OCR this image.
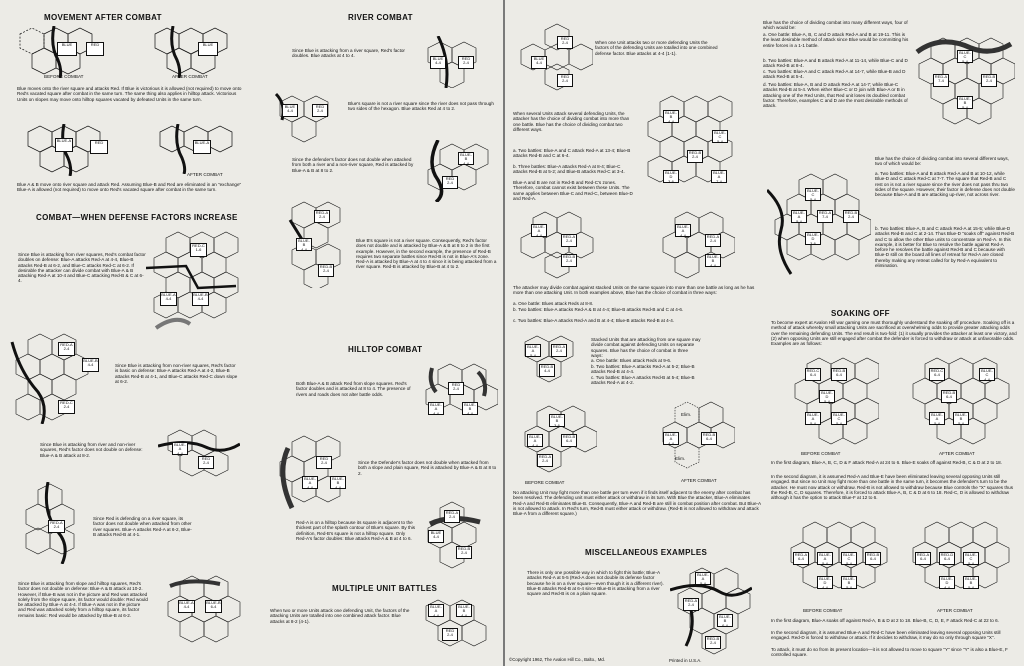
MOVEMENT AFTER COMBAT
BLUE	RED
BEFORE COMBAT
BLUE
AFTER COMBAT
Blue moves onto the river square and attacks Red. If Blue is victorious it is allowed (not required) to move onto Red's vacated square after combat in the same turn. The same thing also applies in hilltop attack. Victorious Units on slopes may move onto hilltop squares vacated by defeated Units in the same turn.
BLUE-A	RED	BLUE-A
AFTER COMBAT
Blue A & B move onto river square and attack Red. Assuming Blue-B and Red are eliminated in an "exchange" Blue-A is allowed (not required) to move onto Red's vacated square after combat in the same turn.
COMBAT—WHEN DEFENSE FACTORS INCREASE
Since Blue is attacking from river squares, Red's combat factor doubles on defense: Blue-A attacks Red-A at 4-4, Blue-B attacks Red-B at 6-2, and Blue-C attacks Red-C at 6-2. If desirable the attacker can divide combat with Blue-A & B attacking Red-A at 10-4 and Blue-C attacking Red-B & C at 6-4.
RED-C
1-6
BLUE-A
4-4
BLUE-B
4-4
RED-A
2-4
BLUE-B
4-4
RED-C
2-4
Since Blue is attacking from non-river squares, Red's factor is basic on defense: Blue-A attacks Red-A at 4-2, Blue-B attacks Red-B at 4-1, and Blue-C attacks Red-C down slope at 6-2.
Since Blue is attacking from river and non-river squares, Red's factor does not double on defense: Blue-A & B attack at 8-2.
BLUE-A
4-4
RED
2-4
RED-A
2-4
Since Red is defending on a river square, its factor does not double when attacked from other river squares. Blue-A attacks Red-A at 6-2, Blue-B attacks Red-B at 4-1.
Since Blue is attacking from slope and hilltop squares, Red's factor does not double on defense: Blue-A & B attack at 10-2. However, if Blue-B was not in the picture and Red was attacked solely from the slope square, its factor would double: Red would be attacked by Blue-A at 4-4. If Blue-A was not in the picture and Red was attacked solely from a hilltop square, its factor remains basic: Red would be attacked by Blue-B at 6-2.
BLUE-A
4-4
BLUE-B
6-4
RIVER COMBAT
Since Blue is attacking from a river square, Red's factor doubles. Blue attacks at 4 to 4.
BLUE
4-4
RED
2-4
BLUE
4-4
RED
2-4
Blue's square is not a river square since the river does not pass through two sides of the hexagon. Blue attacks Red at 4 to 2.
Since the defender's factor does not double when attacked from both a river and a non-river square, Red is attacked by Blue-A & B at 8 to 2.
BLUE-B
4-4
RED
2-4
RED-A
2-4
BLUE-B
4-4
RED-B
2-4
Blue B's square is not a river square. Consequently, Red's factor does not double and is attacked by Blue-A & B at 8 to 2 in the first example. However, in the second example, the presence of Red-B requires two separate battles since Red-B is not in Blue-A's zone. Red-A is attacked by Blue-A at 4 to 4 since it is being attacked from a river square. Red-B is attacked by Blue-B at 4 to 2.
HILLTOP COMBAT
Both Blue-A & B attack Red from slope squares. Red's factor doubles and is attacked at 8 to 4. The presence of rivers and roads does not alter battle odds.
RED
2-4
BLUE-A
4-4
BLUE-B
4-4
RED
2-4
BLUE-A
4-4
BLUE-B
4-4
Since the Defender's factor does not double when attacked from both a slope and plain square, Red is attacked by Blue-A & B at 8 to 2.
Red-A is on a hilltop because its square is adjacent to the thickest part of the splash contour of Blue's square. By this definition, Red-B's square is not a hilltop square. Only Red-A's factor doubles: Blue attacks Red-A & B at 4 to 6.
RED-A
2-4
BLUE
4-4
RED-B
2-4
MULTIPLE UNIT BATTLES
When two or more Units attack one defending Unit, the factors of the attacking Units are totalled into one combined attack factor. Blue attacks at 8-2 (4-1).
BLUE-A
4-4
BLUE-B
4-4
RED
2-4
RED
2-4
BLUE
4-4
RED
2-4
When one Unit attacks two or more defending Units the factors of the defending Units are totalled into one combined defense factor. Blue attacks at 4-4 (1-1).
When several Units attack several defending Units, the attacker has the choice of dividing combat into more than one battle. Blue has the choice of dividing combat two different ways.
a. Two battles: Blue-A and C attack Red-A at 13-4; Blue-B attacks Red-B and C at 6-4.
b. Three battles: Blue-A attacks Red-A at 8-4; Blue-C attacks Red-B at 5-2; and Blue-B attacks Red-C at 3-4.
Blue-A and B are not in Red-B and Red-C's zones. Therefore, combat cannot exist between these Units. The same applies between Blue-C and Red-C, between Blue-D and Red-A.
BLUE-B
4-4
BLUE-C
5-4
RED-B
2-4
BLUE-D
3-6
BLUE-A
7-4
BLUE-A
4-4	RED-A
2-4
RED-B
2-4
BLUE-A
4-4	RED-A
2-4
BLUE-B
4-4
The attacker may divide combat against stacked Units on the same square into more than one battle as long as he has more than one attacking Unit. In both examples above, Blue has the choice of combat in three ways:
a. One battle: Blues attack Reds at 8-8.
b. Two battles: Blue-A attacks Red-A & B at 4-4; Blue-B attacks Red-B and C at 4-6.
c. Two battles: Blue-A attacks Red-A and B at 4-4; Blue-B attacks Red-B at 4-4.
BLUE-A
5-4
RED-A
2-4
RED-B
4-4
Stacked Units that are attacking from one square may divide combat against defending Units on separate squares. Blue has the choice of combat in three ways:
a. One battle: Blues attack Reds at 9-6.
b. Two battles: Blue-A attacks Red-A at 5-2; Blue-B attacks Red-B at 4-4.
c. Two battles: Blue-A attacks Red-B at 5-4; Blue-B attacks Red-A at 4-2.
BLUE-B
3-6
BLUE-A
4-4
RED-B
6-4
RED-A
2-4
BEFORE COMBAT
Elim.
BLUE-A
4-4
RED-B
6-4
Elim.
AFTER COMBAT
No attacking Unit may fight more than one battle per turn even if it finds itself adjacent to the enemy after combat has been resolved. The defending unit must either attack or withdraw in its turn. With Blue the attacker, Blue-A eliminates Red-A and Red-B eliminates Blue-B. Consequently, Blue-A and Red-B are still in combat position after combat. But Blue-A is not allowed to attack. In Red's turn, Red-B must either attack or withdraw. (Red-B is not allowed to withdraw and attack Blue-A from a different square.)
MISCELLANEOUS EXAMPLES
There is only one possible way in which to fight this battle; Blue-A attacks Red-A at 5-5 (Red-A does not double its defense factor because he is on a river square—even though it is a different river). Blue-B attacks Red-B at 6-4 since Blue-B is attacking from a river square and Red-B is on a plain square.
BLUE-A
5-4
RED-A
2-4
BLUE-B
6-4
RED-B
2-4
©Copyright 1962, The Avalon Hill Co., Balto., Md.	Printed in U.S.A.
Blue has the choice of dividing combat into many different ways, four of which would be:
a. One battle: Blue-A, B, C and D attack Red-A and B at 19-11. This is the least desirable method of attack since Blue would be committing his entire forces in a 1-1 battle.
b. Two battles: Blue-A and B attack Red-A at 11-14, while Blue-C and D attack Red-B at 8-4.
c. Two battles: Blue-A and C attack Red-A at 14-7, while Blue-B and D attack Red-B at 5-4.
d. Two battles: Blue-A, B and D attack Red-A at 14-7; while Blue-C attacks Red-B at 5-4. When either Blue-C or D join with Blue-A or B in attacking one of the Red Units, that Red unit loses its doubled combat factor. Therefore, examples C and D are the most desirable methods of attack.
BLUE-C
5-4
RED-A
7-4
RED-B
2-4
BLUE-B
5-4
Blue has the choice of dividing combat into several different ways, two of which would be:
a. Two battles: Blue-A and B attack Red-A and B at 10-12, while Blue-D and C attack Red-C at 7-7. The square that Red-B and C rest on is not a river square since the river does not pass thru two sides of the square. However, their factor in defense does not double because Blue-A and B are attacking up-river, not across river.
b. Two battles: Blue-A, B and C attack Red-A at 15-5; while Blue-D attacks Red-B and C at 2-14. Thus Blue-D "soaks off" against Red-B and C to allow the other Blue units to concentrate on Red-A. In this example, it is better for Blue to resolve the battle against Red-A before he resolves the battle against Red-B and C because with Blue-D still on the board all lines of retreat for Red-A are closed thereby making any retreat called for by Red-A equivalent to elimination.
BLUE-C
5-4
BLUE-A
5-4
RED-A
7-4
RED-B
2-4
BLUE-D
3-6
SOAKING OFF
To become expert at Avalon Hill war gaming one must thoroughly understand the soaking off procedure. Soaking off is a method of attack whereby small attacking Units are sacrificed at overwhelming odds to provide greater attacking odds over the remaining defending Units. The end result is two-fold: (1) it usually provides the attacker at least one victory, and (2) when opposing Units are still engaged after combat the defender is forced to withdraw or attack at unfavorable odds. Examples are as follows:
RED-C
6-4
RED-B
6-4
BLUE-D
5-4
BLUE-A
5-4
BLUE-C
5-4
BEFORE COMBAT
RED-C
6-4
BLUE-C
4-4
RED-B
6-4
BLUE-A
5-4
BLUE-B
5-4
AFTER COMBAT
In the first diagram, Blue-A, B, C, D & F attack Red-A at 24 to 6. Blue-E soaks off against Red-B, C & D at 2 to 18.
In the second diagram, it is assumed Red-A and Blue-E have been eliminated leaving several opposing Units still engaged. But since no Unit may fight more than one battle in the same turn, it becomes the defender's turn to be the attacker. He must now attack or withdraw. Red-B is not allowed to withdraw because Blue controls the "X" squares thus the Red-B, C, D squares. Therefore, it is forced to attack Blue-A, B, C & D at 6 to 18. Red-C, D is allowed to withdraw although it has the option to attack Blue-F at 12 to 6.
RED-A
6-4
BLUE-A
5-4
BLUE-C
5-4
RED-B
6-4
BLUE-D
4-4
BLUE-B
5-4
BEFORE COMBAT
RED-A
6-4
RED-D
6-4
BLUE-C
5-4
BLUE-D
4-4
BLUE-B
5-4
AFTER COMBAT
In the first diagram, Blue-A soaks off against Red-A, B & D at 2 to 18. Blue-B, C, D, E, F attack Red-C at 22 to 6.
In the second diagram, it is assumed Blue-A and Red-C have been eliminated leaving several opposing Units still engaged. Red-D is forced to withdraw or attack. If it decides to withdraw, it may do so only through square "X".
To attack, it must do so from its present location—it is not allowed to move to square "Y" since "Y" is also a Blue-E, F controlled square.
